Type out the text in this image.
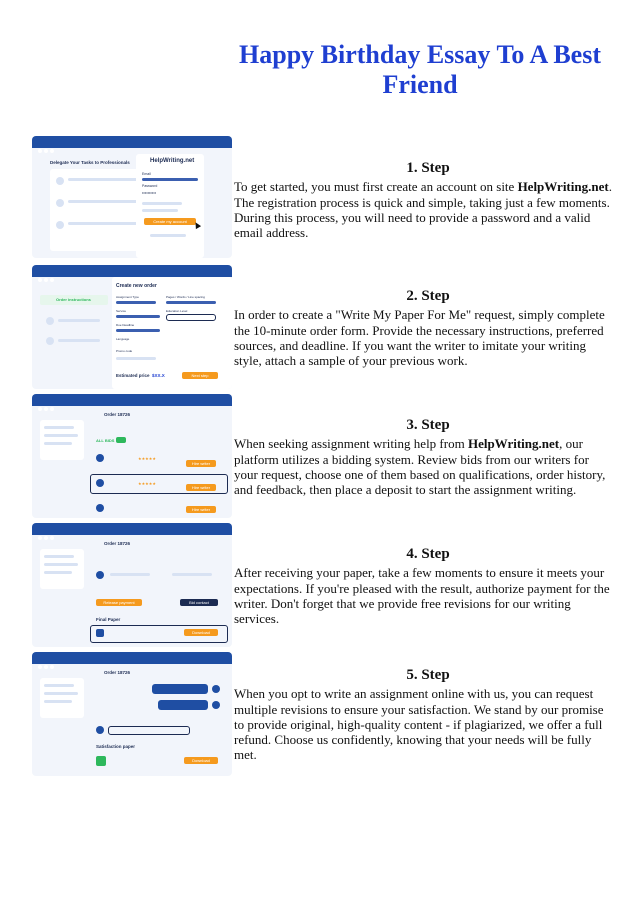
Happy Birthday Essay To A Best Friend
Delegate Your Tasks to Professionals	HelpWriting.net
Email
Password
••••••••••
Create my account
Order instructions
Create new order
Assignment Type	Pages / Words / Line spacing
Service	Education Level
Due Deadline
Language
Promo code
Estimated price $XX.X	Next step
Order 18726
ALL BIDS
★★★★★
Hire writer
★★★★★
Hire writer
Hire writer
Order 18726
Release payment	Bid contact
Final Paper
Download
Order 18726
Satisfaction paper
Download
1. Step
To get started, you must first create an account on site HelpWriting.net. The registration process is quick and simple, taking just a few moments. During this process, you will need to provide a password and a valid email address.
2. Step
In order to create a "Write My Paper For Me" request, simply complete the 10-minute order form. Provide the necessary instructions, preferred sources, and deadline. If you want the writer to imitate your writing style, attach a sample of your previous work.
3. Step
When seeking assignment writing help from HelpWriting.net, our platform utilizes a bidding system. Review bids from our writers for your request, choose one of them based on qualifications, order history, and feedback, then place a deposit to start the assignment writing.
4. Step
After receiving your paper, take a few moments to ensure it meets your expectations. If you're pleased with the result, authorize payment for the writer. Don't forget that we provide free revisions for our writing services.
5. Step
When you opt to write an assignment online with us, you can request multiple revisions to ensure your satisfaction. We stand by our promise to provide original, high-quality content - if plagiarized, we offer a full refund. Choose us confidently, knowing that your needs will be fully met.
